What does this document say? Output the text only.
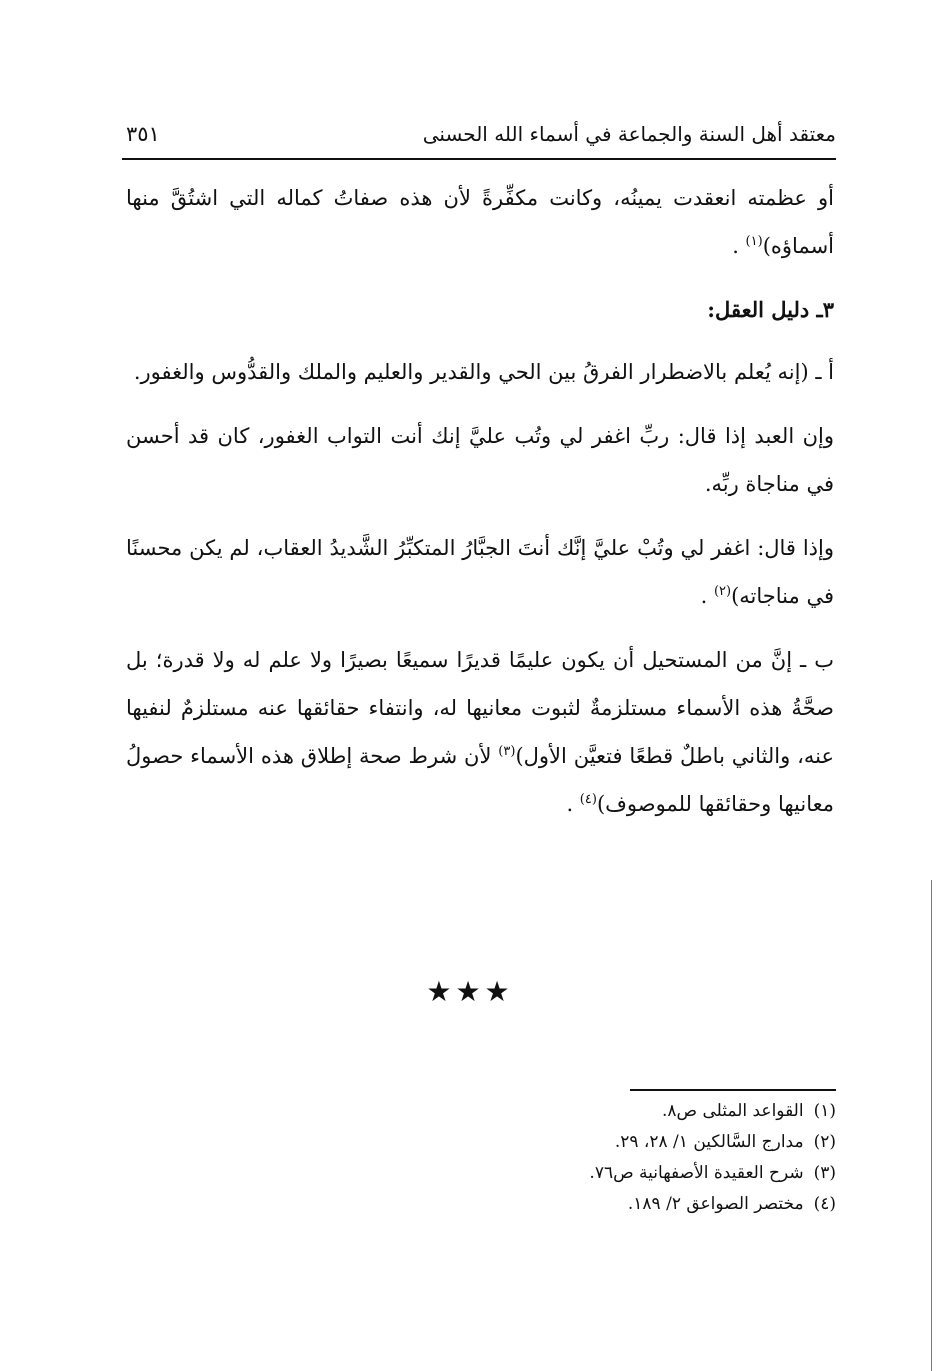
معتقد أهل السنة والجماعة في أسماء الله الحسنى
٣٥١

أو عظمته انعقدت يمينُه، وكانت مكفِّرةً لأن هذه صفاتُ كماله التي اشتُقَّ منها أسماؤه)$^{(١)}$ .

٣ـ دليل العقل:

أ ـ (إنه يُعلم بالاضطرار الفرقُ بين الحي والقدير والعليم والملك والقدُّوس والغفور.

وإن العبد إذا قال: ربِّ اغفر لي وتُب عليَّ إنك أنت التواب الغفور، كان قد أحسن في مناجاة ربِّه.

وإذا قال: اغفر لي وتُبْ عليَّ إنَّك أنتَ الجبَّارُ المتكبِّرُ الشَّديدُ العقاب، لم يكن محسنًا في مناجاته)$^{(٢)}$ .

ب ـ إنَّ من المستحيل أن يكون عليمًا قديرًا سميعًا بصيرًا ولا علم له ولا قدرة؛ بل صحَّةُ هذه الأسماء مستلزمةٌ لثبوت معانيها له، وانتفاء حقائقها عنه مستلزمٌ لنفيها عنه، والثاني باطلٌ قطعًا فتعيَّن الأول)$^{(٣)}$ لأن شرط صحة إطلاق هذه الأسماء حصولُ معانيها وحقائقها للموصوف)$^{(٤)}$ .

★★★
(١)القواعد المثلى ص٨.
(٢)مدارج السَّالكين ١/ ٢٨، ٢٩.
(٣)شرح العقيدة الأصفهانية ص٧٦.
(٤)مختصر الصواعق ٢/ ١٨٩.
